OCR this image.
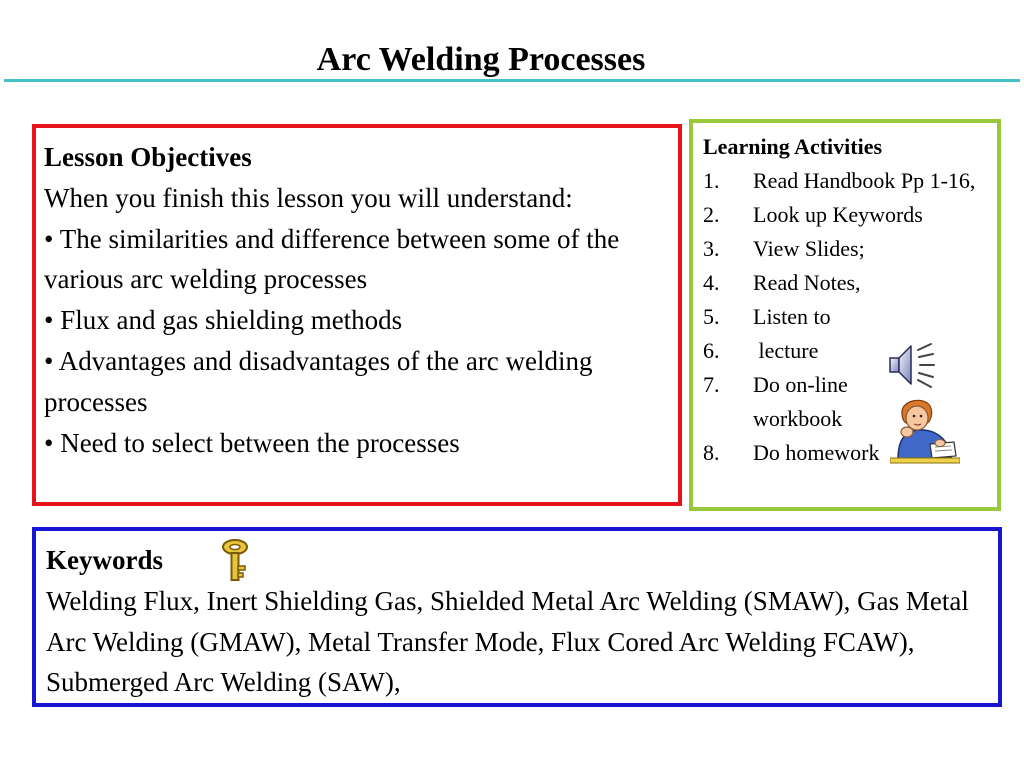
Arc Welding Processes
Lesson Objectives
When you finish this lesson you will understand:
• The similarities and difference between some of the various arc welding processes
• Flux and gas shielding methods
• Advantages and disadvantages of the arc welding processes
• Need to select between the processes
Learning Activities
1.	Read Handbook Pp 1-16,
2.	Look up Keywords
3.	View Slides;
4.	Read Notes,
5.	Listen to
6.	lecture
7.	Do on-line workbook
8.	Do homework
Keywords
Welding Flux, Inert Shielding Gas, Shielded Metal Arc Welding (SMAW), Gas Metal Arc Welding (GMAW), Metal Transfer Mode, Flux Cored Arc Welding FCAW), Submerged Arc Welding (SAW),
